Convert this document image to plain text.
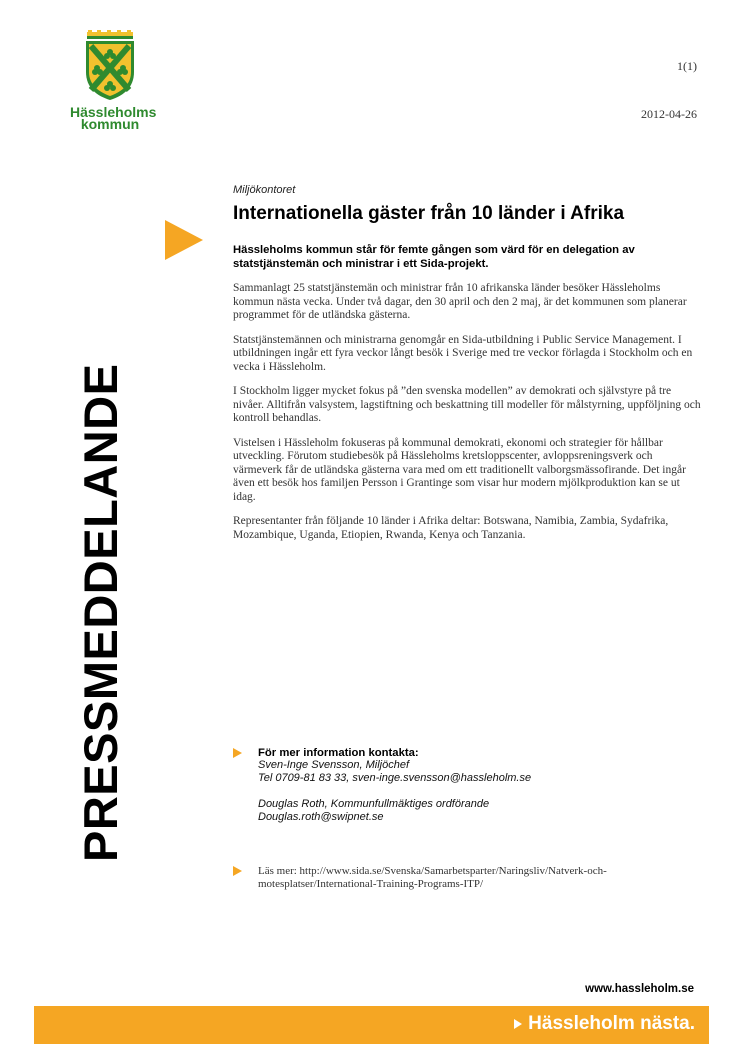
Hässleholms
kommun
1(1)
2012-04-26
PRESSMEDDELANDE

Miljökontoret

Internationella gäster från 10 länder i Afrika

Hässleholms kommun står för femte gången som värd för en delegation av statstjänstemän och ministrar i ett Sida-projekt.

Sammanlagt 25 statstjänstemän och ministrar från 10 afrikanska länder besöker Hässleholms kommun nästa vecka. Under två dagar, den 30 april och den 2 maj, är det kommunen som planerar programmet för de utländska gästerna.

Statstjänstemännen och ministrarna genomgår en Sida-utbildning i Public Service Management. I utbildningen ingår ett fyra veckor långt besök i Sverige med tre veckor förlagda i Stockholm och en vecka i Hässleholm.

I Stockholm ligger mycket fokus på ”den svenska modellen” av demokrati och självstyre på tre nivåer. Alltifrån valsystem, lagstiftning och beskattning till modeller för målstyrning, uppföljning och kontroll behandlas.

Vistelsen i Hässleholm fokuseras på kommunal demokrati, ekonomi och strategier för hållbar utveckling. Förutom studiebesök på Hässleholms kretsloppscenter, avloppsreningsverk och värmeverk får de utländska gästerna vara med om ett traditionellt valborgsmässofirande. Det ingår även ett besök hos familjen Persson i Grantinge som visar hur modern mjölkproduktion kan se ut idag.

Representanter från följande 10 länder i Afrika deltar: Botswana, Namibia, Zambia, Sydafrika, Mozambique, Uganda, Etiopien, Rwanda, Kenya och Tanzania.

För mer information kontakta:
Sven-Inge Svensson, Miljöchef
Tel 0709-81 83 33, sven-inge.svensson@hassleholm.se
Douglas Roth, Kommunfullmäktiges ordförande
Douglas.roth@swipnet.se
Läs mer: http://www.sida.se/Svenska/Samarbetsparter/Naringsliv/Natverk-och-motesplatser/International-Training-Programs-ITP/
www.hassleholm.se
Hässleholm nästa.
